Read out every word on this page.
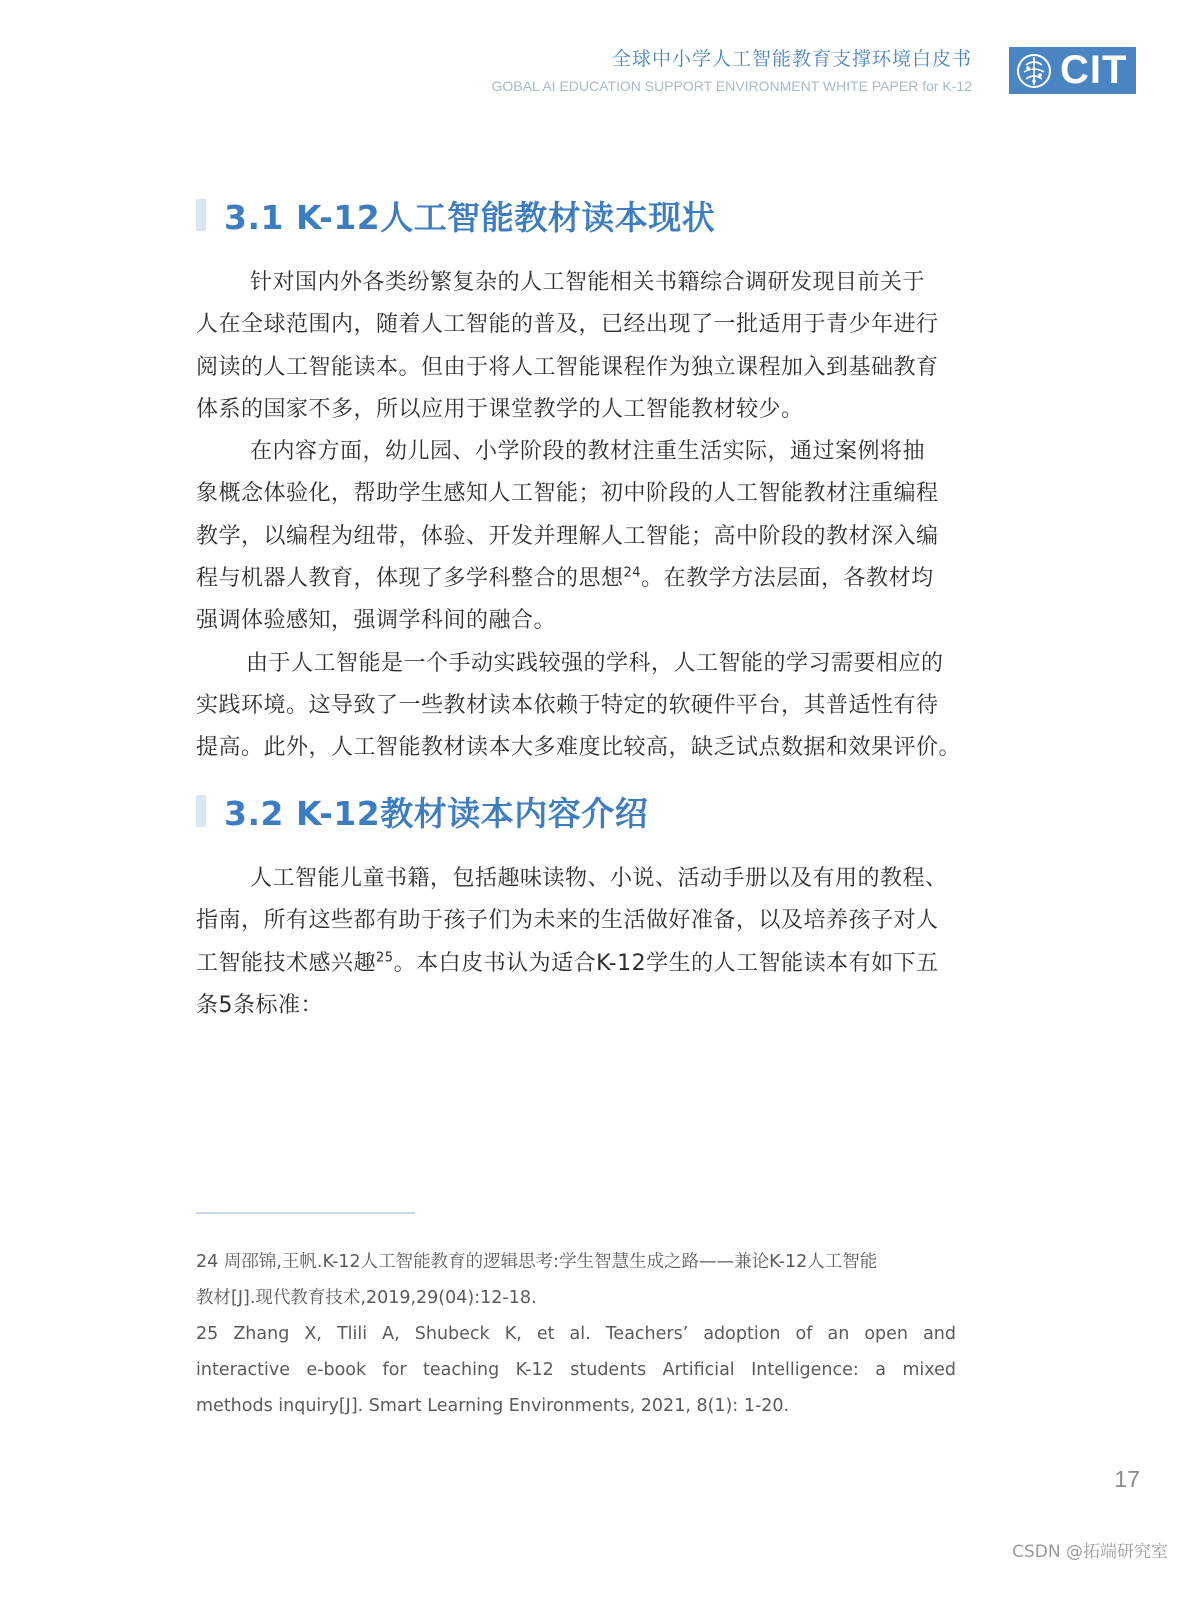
全球中小学人工智能教育支撑环境白皮书
GOBAL AI EDUCATION SUPPORT ENVIRONMENT WHITE PAPER for K-12 CIT
3.1 K-12人工智能教材读本现状
针对国内外各类纷繁复杂的人工智能相关书籍综合调研发现目前关于
人在全球范围内，随着人工智能的普及，已经出现了一批适用于青少年进行
阅读的人工智能读本。但由于将人工智能课程作为独立课程加入到基础教育
体系的国家不多，所以应用于课堂教学的人工智能教材较少。
在内容方面，幼儿园、小学阶段的教材注重生活实际，通过案例将抽
象概念体验化，帮助学生感知人工智能；初中阶段的人工智能教材注重编程
教学，以编程为纽带，体验、开发并理解人工智能；高中阶段的教材深入编
程与机器人教育，体现了多学科整合的思想$^{24}$。在教学方法层面，各教材均
强调体验感知，强调学科间的融合。
由于人工智能是一个手动实践较强的学科，人工智能的学习需要相应的
实践环境。这导致了一些教材读本依赖于特定的软硬件平台，其普适性有待
提高。此外，人工智能教材读本大多难度比较高，缺乏试点数据和效果评价。
3.2 K-12教材读本内容介绍
人工智能儿童书籍，包括趣味读物、小说、活动手册以及有用的教程、
指南，所有这些都有助于孩子们为未来的生活做好准备，以及培养孩子对人
工智能技术感兴趣$^{25}$。本白皮书认为适合K-12学生的人工智能读本有如下五
条5条标准：
24 周邵锦,王帆.K-12人工智能教育的逻辑思考:学生智慧生成之路——兼论K-12人工智能
教材[J].现代教育技术,2019,29(04):12-18.
25 Zhang X, Tlili A, Shubeck K, et al. Teachers’ adoption of an open and
interactive e-book for teaching K-12 students Artificial Intelligence: a mixed
methods inquiry[J]. Smart Learning Environments, 2021, 8(1): 1-20.
17
CSDN @拓端研究室
